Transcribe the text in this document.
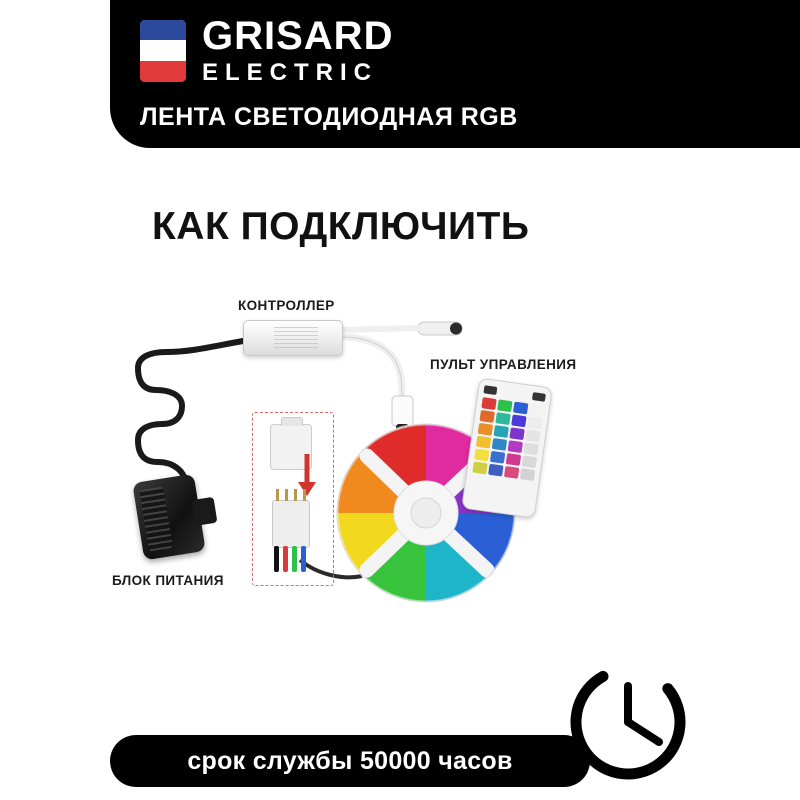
GRISARD
ELECTRIC
ЛЕНТА СВЕТОДИОДНАЯ RGB
КАК ПОДКЛЮЧИТЬ
КОНТРОЛЛЕР
ПУЛЬТ УПРАВЛЕНИЯ
БЛОК ПИТАНИЯ
срок службы 50000 часов
